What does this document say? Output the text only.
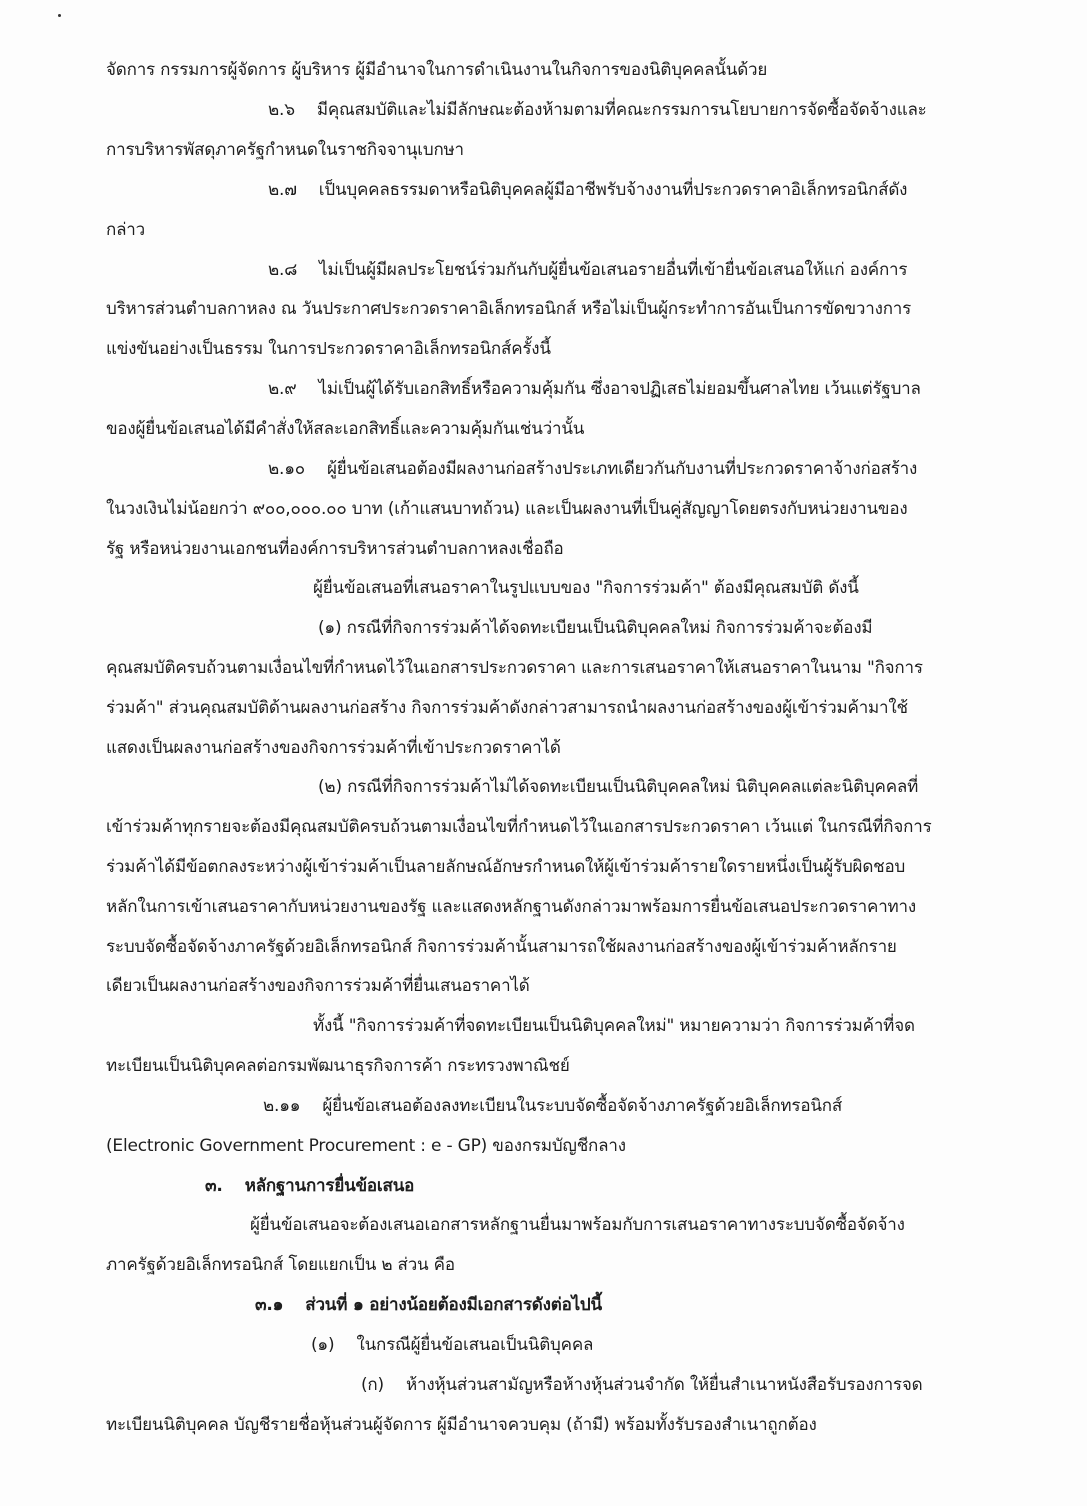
จัดการ กรรมการผู้จัดการ ผู้บริหาร ผู้มีอำนาจในการดำเนินงานในกิจการของนิติบุคคลนั้นด้วย
๒.๖ มีคุณสมบัติและไม่มีลักษณะต้องห้ามตามที่คณะกรรมการนโยบายการจัดซื้อจัดจ้างและ
การบริหารพัสดุภาครัฐกำหนดในราชกิจจานุเบกษา
๒.๗ เป็นบุคคลธรรมดาหรือนิติบุคคลผู้มีอาชีพรับจ้างงานที่ประกวดราคาอิเล็กทรอนิกส์ดัง
กล่าว
๒.๘ ไม่เป็นผู้มีผลประโยชน์ร่วมกันกับผู้ยื่นข้อเสนอรายอื่นที่เข้ายื่นข้อเสนอให้แก่ องค์การ
บริหารส่วนตำบลกาหลง ณ วันประกาศประกวดราคาอิเล็กทรอนิกส์ หรือไม่เป็นผู้กระทำการอันเป็นการขัดขวางการ
แข่งขันอย่างเป็นธรรม ในการประกวดราคาอิเล็กทรอนิกส์ครั้งนี้
๒.๙ ไม่เป็นผู้ได้รับเอกสิทธิ์หรือความคุ้มกัน ซึ่งอาจปฏิเสธไม่ยอมขึ้นศาลไทย เว้นแต่รัฐบาล
ของผู้ยื่นข้อเสนอได้มีคำสั่งให้สละเอกสิทธิ์และความคุ้มกันเช่นว่านั้น
๒.๑๐ ผู้ยื่นข้อเสนอต้องมีผลงานก่อสร้างประเภทเดียวกันกับงานที่ประกวดราคาจ้างก่อสร้าง
ในวงเงินไม่น้อยกว่า ๙๐๐,๐๐๐.๐๐ บาท (เก้าแสนบาทถ้วน) และเป็นผลงานที่เป็นคู่สัญญาโดยตรงกับหน่วยงานของ
รัฐ หรือหน่วยงานเอกชนที่องค์การบริหารส่วนตำบลกาหลงเชื่อถือ
ผู้ยื่นข้อเสนอที่เสนอราคาในรูปแบบของ "กิจการร่วมค้า" ต้องมีคุณสมบัติ ดังนี้
(๑) กรณีที่กิจการร่วมค้าได้จดทะเบียนเป็นนิติบุคคลใหม่ กิจการร่วมค้าจะต้องมี
คุณสมบัติครบถ้วนตามเงื่อนไขที่กำหนดไว้ในเอกสารประกวดราคา และการเสนอราคาให้เสนอราคาในนาม "กิจการ
ร่วมค้า" ส่วนคุณสมบัติด้านผลงานก่อสร้าง กิจการร่วมค้าดังกล่าวสามารถนำผลงานก่อสร้างของผู้เข้าร่วมค้ามาใช้
แสดงเป็นผลงานก่อสร้างของกิจการร่วมค้าที่เข้าประกวดราคาได้
(๒) กรณีที่กิจการร่วมค้าไม่ได้จดทะเบียนเป็นนิติบุคคลใหม่ นิติบุคคลแต่ละนิติบุคคลที่
เข้าร่วมค้าทุกรายจะต้องมีคุณสมบัติครบถ้วนตามเงื่อนไขที่กำหนดไว้ในเอกสารประกวดราคา เว้นแต่ ในกรณีที่กิจการ
ร่วมค้าได้มีข้อตกลงระหว่างผู้เข้าร่วมค้าเป็นลายลักษณ์อักษรกำหนดให้ผู้เข้าร่วมค้ารายใดรายหนึ่งเป็นผู้รับผิดชอบ
หลักในการเข้าเสนอราคากับหน่วยงานของรัฐ และแสดงหลักฐานดังกล่าวมาพร้อมการยื่นข้อเสนอประกวดราคาทาง
ระบบจัดซื้อจัดจ้างภาครัฐด้วยอิเล็กทรอนิกส์ กิจการร่วมค้านั้นสามารถใช้ผลงานก่อสร้างของผู้เข้าร่วมค้าหลักราย
เดียวเป็นผลงานก่อสร้างของกิจการร่วมค้าที่ยื่นเสนอราคาได้
ทั้งนี้ "กิจการร่วมค้าที่จดทะเบียนเป็นนิติบุคคลใหม่" หมายความว่า กิจการร่วมค้าที่จด
ทะเบียนเป็นนิติบุคคลต่อกรมพัฒนาธุรกิจการค้า กระทรวงพาณิชย์
๒.๑๑ ผู้ยื่นข้อเสนอต้องลงทะเบียนในระบบจัดซื้อจัดจ้างภาครัฐด้วยอิเล็กทรอนิกส์
(Electronic Government Procurement : e - GP) ของกรมบัญชีกลาง
๓. หลักฐานการยื่นข้อเสนอ
ผู้ยื่นข้อเสนอจะต้องเสนอเอกสารหลักฐานยื่นมาพร้อมกับการเสนอราคาทางระบบจัดซื้อจัดจ้าง
ภาครัฐด้วยอิเล็กทรอนิกส์ โดยแยกเป็น ๒ ส่วน คือ
๓.๑ ส่วนที่ ๑ อย่างน้อยต้องมีเอกสารดังต่อไปนี้
(๑) ในกรณีผู้ยื่นข้อเสนอเป็นนิติบุคคล
(ก) ห้างหุ้นส่วนสามัญหรือห้างหุ้นส่วนจำกัด ให้ยื่นสำเนาหนังสือรับรองการจด
ทะเบียนนิติบุคคล บัญชีรายชื่อหุ้นส่วนผู้จัดการ ผู้มีอำนาจควบคุม (ถ้ามี) พร้อมทั้งรับรองสำเนาถูกต้อง
